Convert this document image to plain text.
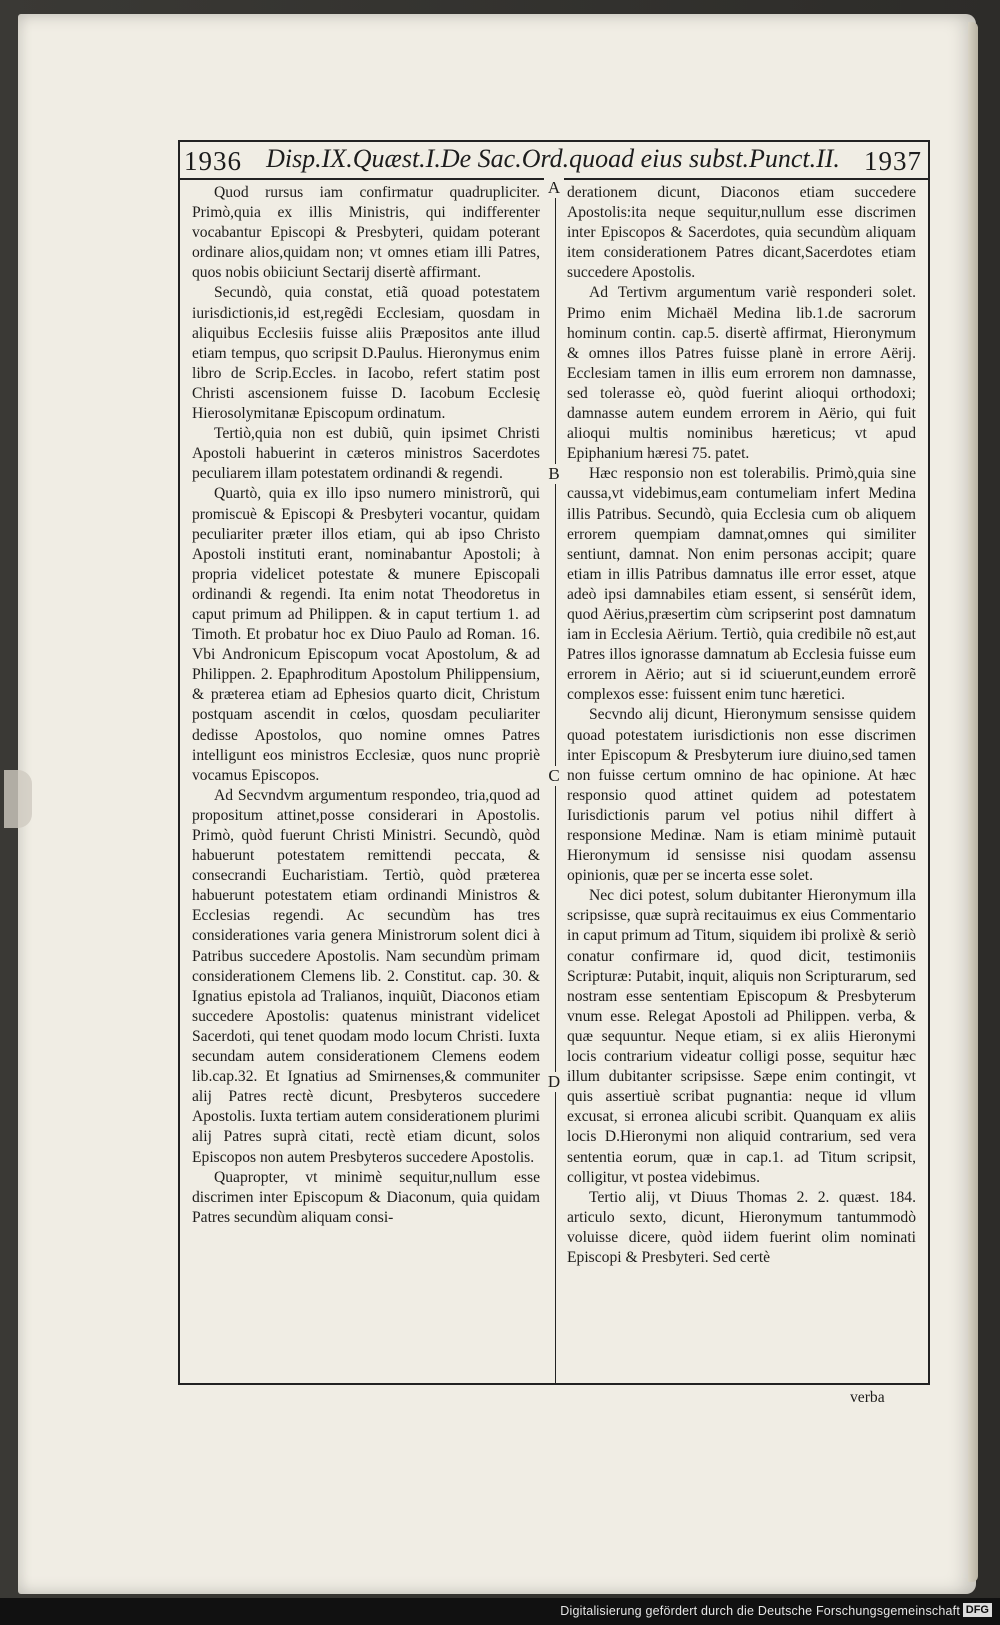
1936 Disp.IX.Quæst.I.De Sac.Ord.quoad eius subst.Punct.II. 1937
A
B
C
D

Quod rursus iam confirmatur quadrupliciter. Primò,quia ex illis Ministris, qui indifferenter vocabantur Episcopi & Presbyteri, quidam poterant ordinare alios,quidam non; vt omnes etiam illi Patres, quos nobis obiiciunt Sectarij disertè affirmant.

Secundò, quia constat, etiã quoad potestatem iurisdictionis,id est,regẽdi Ecclesiam, quosdam in aliquibus Ecclesiis fuisse aliis Præpositos ante illud etiam tempus, quo scripsit D.Paulus. Hieronymus enim libro de Scrip.Eccles. in Iacobo, refert statim post Christi ascensionem fuisse D. Iacobum Ecclesię Hierosolymitanæ Episcopum ordinatum.

Tertiò,quia non est dubiũ, quin ipsimet Christi Apostoli habuerint in cæteros ministros Sacerdotes peculiarem illam potestatem ordinandi & regendi.

Quartò, quia ex illo ipso numero ministrorũ, qui promiscuè & Episcopi & Presbyteri vocantur, quidam peculiariter præter illos etiam, qui ab ipso Christo Apostoli instituti erant, nominabantur Apostoli; à propria videlicet potestate & munere Episcopali ordinandi & regendi. Ita enim notat Theodoretus in caput primum ad Philippen. & in caput tertium 1. ad Timoth. Et probatur hoc ex Diuo Paulo ad Roman. 16. Vbi Andronicum Episcopum vocat Apostolum, & ad Philippen. 2. Epaphroditum Apostolum Philippensium, & præterea etiam ad Ephesios quarto dicit, Christum postquam ascendit in cœlos, quosdam peculiariter dedisse Apostolos, quo nomine omnes Patres intelligunt eos ministros Ecclesiæ, quos nunc propriè vocamus Episcopos.

Ad Secvndvm argumentum respondeo, tria,quod ad propositum attinet,posse considerari in Apostolis. Primò, quòd fuerunt Christi Ministri. Secundò, quòd habuerunt potestatem remittendi peccata, & consecrandi Eucharistiam. Tertiò, quòd præterea habuerunt potestatem etiam ordinandi Ministros & Ecclesias regendi. Ac secundùm has tres considerationes varia genera Ministrorum solent dici à Patribus succedere Apostolis. Nam secundùm primam considerationem Clemens lib. 2. Constitut. cap. 30. & Ignatius epistola ad Tralianos, inquiũt, Diaconos etiam succedere Apostolis: quatenus ministrant videlicet Sacerdoti, qui tenet quodam modo locum Christi. Iuxta secundam autem considerationem Clemens eodem lib.cap.32. Et Ignatius ad Smirnenses,& communiter alij Patres rectè dicunt, Presbyteros succedere Apostolis. Iuxta tertiam autem considerationem plurimi alij Patres suprà citati, rectè etiam dicunt, solos Episcopos non autem Presbyteros succedere Apostolis.

Quapropter, vt minimè sequitur,nullum esse discrimen inter Episcopum & Diaconum, quia quidam Patres secundùm aliquam consi-

derationem dicunt, Diaconos etiam succedere Apostolis:ita neque sequitur,nullum esse discrimen inter Episcopos & Sacerdotes, quia secundùm aliquam item considerationem Patres dicant,Sacerdotes etiam succedere Apostolis.

Ad Tertivm argumentum variè responderi solet. Primo enim Michaël Medina lib.1.de sacrorum hominum contin. cap.5. disertè affirmat, Hieronymum & omnes illos Patres fuisse planè in errore Aërij. Ecclesiam tamen in illis eum errorem non damnasse, sed tolerasse eò, quòd fuerint alioqui orthodoxi; damnasse autem eundem errorem in Aërio, qui fuit alioqui multis nominibus hæreticus; vt apud Epiphanium hæresi 75. patet.

Hæc responsio non est tolerabilis. Primò,quia sine caussa,vt videbimus,eam contumeliam infert Medina illis Patribus. Secundò, quia Ecclesia cum ob aliquem errorem quempiam damnat,omnes qui similiter sentiunt, damnat. Non enim personas accipit; quare etiam in illis Patribus damnatus ille error esset, atque adeò ipsi damnabiles etiam essent, si sensérũt idem, quod Aërius,præsertim cùm scripserint post damnatum iam in Ecclesia Aërium. Tertiò, quia credibile nõ est,aut Patres illos ignorasse damnatum ab Ecclesia fuisse eum errorem in Aërio; aut si id sciuerunt,eundem errorẽ complexos esse: fuissent enim tunc hæretici.

Secvndo alij dicunt, Hieronymum sensisse quidem quoad potestatem iurisdictionis non esse discrimen inter Episcopum & Presbyterum iure diuino,sed tamen non fuisse certum omnino de hac opinione. At hæc responsio quod attinet quidem ad potestatem Iurisdictionis parum vel potius nihil differt à responsione Medinæ. Nam is etiam minimè putauit Hieronymum id sensisse nisi quodam assensu opinionis, quæ per se incerta esse solet.

Nec dici potest, solum dubitanter Hieronymum illa scripsisse, quæ suprà recitauimus ex eius Commentario in caput primum ad Titum, siquidem ibi prolixè & seriò conatur confirmare id, quod dicit, testimoniis Scripturæ: Putabit, inquit, aliquis non Scripturarum, sed nostram esse sententiam Episcopum & Presbyterum vnum esse. Relegat Apostoli ad Philippen. verba, & quæ sequuntur. Neque etiam, si ex aliis Hieronymi locis contrarium videatur colligi posse, sequitur hæc illum dubitanter scripsisse. Sæpe enim contingit, vt quis assertiuè scribat pugnantia: neque id vllum excusat, si erronea alicubi scribit. Quanquam ex aliis locis D.Hieronymi non aliquid contrarium, sed vera sententia eorum, quæ in cap.1. ad Titum scripsit, colligitur, vt postea videbimus.

Tertio alij, vt Diuus Thomas 2. 2. quæst. 184. articulo sexto, dicunt, Hieronymum tantummodò voluisse dicere, quòd iidem fuerint olim nominati Episcopi & Presbyteri. Sed certè

verba
Digitalisierung gefördert durch die Deutsche Forschungsgemeinschaft DFG
